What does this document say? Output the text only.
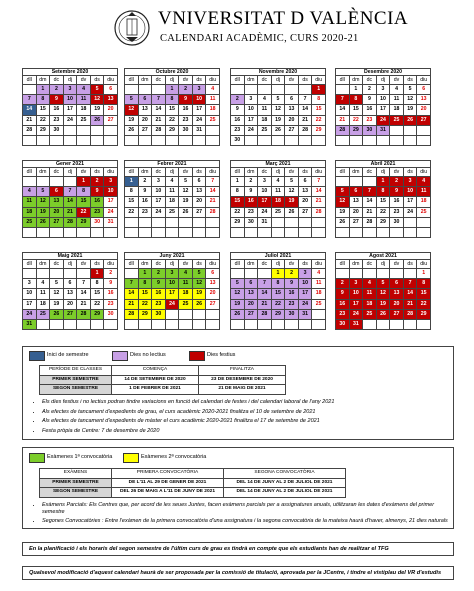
VNIVERSITAT D VALÈNCIA
CALENDARI ACADÈMIC, CURS 2020-21
Setembre 2020
dll	dm	dc	dj	dv	ds	diu
	1	2	3	4	5	6
7	8	9	10	11	12	13
14	15	16	17	18	19	20
21	22	23	24	25	26	27
28	29	30				

Octubre 2020
dll	dm	dc	dj	dv	ds	diu
			1	2	3	4
5	6	7	8	9	10	11
12	13	14	15	16	17	18
19	20	21	22	23	24	25
26	27	28	29	30	31	

Novembre 2020
dll	dm	dc	dj	dv	ds	diu
						1
2	3	4	5	6	7	8
9	10	11	12	13	14	15
16	17	18	19	20	21	22
23	24	25	26	27	28	29
30						
Desembre 2020
dll	dm	dc	dj	dv	ds	diu
	1	2	3	4	5	6
7	8	9	10	11	12	13
14	15	16	17	18	19	20
21	22	23	24	25	26	27
28	29	30	31			

Gener 2021
dll	dm	dc	dj	dv	ds	diu
				1	2	3
4	5	6	7	8	9	10
11	12	13	14	15	16	17
18	19	20	21	22	23	24
25	26	27	28	29	30	31

Febrer 2021
dll	dm	dc	dj	dv	ds	diu
1	2	3	4	5	6	7
8	9	10	11	12	13	14
15	16	17	18	19	20	21
22	23	24	25	26	27	28

Març 2021
dll	dm	dc	dj	dv	ds	diu
1	2	3	4	5	6	7
8	9	10	11	12	13	14
15	16	17	18	19	20	21
22	23	24	25	26	27	28
29	30	31				

Abril 2021
dll	dm	dc	dj	dv	ds	diu
			1	2	3	4
5	6	7	8	9	10	11
12	13	14	15	16	17	18
19	20	21	22	23	24	25
26	27	28	29	30		

Maig 2021
dll	dm	dc	dj	dv	ds	diu
					1	2
3	4	5	6	7	8	9
10	11	12	13	14	15	16
17	18	19	20	21	22	23
24	25	26	27	28	29	30
31						
Juny 2021
dll	dm	dc	dj	dv	ds	diu
	1	2	3	4	5	6
7	8	9	10	11	12	13
14	15	16	17	18	19	20
21	22	23	24	25	26	27
28	29	30				

Juliol 2021
dll	dm	dc	dj	dv	ds	diu
			1	2	3	4
5	6	7	8	9	10	11
12	13	14	15	16	17	18
19	20	21	22	23	24	25
26	27	28	29	30	31	

Agost 2021
dll	dm	dc	dj	dv	ds	diu
						1
2	3	4	5	6	7	8
9	10	11	12	13	14	15
16	17	18	19	20	21	22
23	24	25	26	27	28	29
30	31					
Inici de semestre	Dies no lectius	Dies festius
PERÍODE DE CLASSES	COMENÇA	FINALITZA
PRIMER SEMESTRE	14 DE SETEMBRE DE 2020	23 DE DESEMBRE DE 2020
SEGON SEMESTRE	1 DE FEBRER DE 2021	21 DE MAIG DE 2021
• Els dies festius i no lectius podran tindre variacions en funció del calendari de festes i del calendari laboral de l'any 2021
• Als efectes de tancament d'expedients de grau, el curs acadèmic 2020-2021 finalitza el 10 de setembre de 2021
• Als efectes de tancament d'expedients de màster el curs acadèmic 2020-2021 finalitza el 17 de setembre de 2021
• Festa pròpia de Centre: 7 de desembre de 2020
Exàmenes 1ª convocatòria	Exàmenes 2ª convocatòria
EXÀMENS	PRIMERA CONVOCATÒRIA	SEGONA CONVOCATÒRIA
PRIMER SEMESTRE	DE L'11 AL 29 DE GENER DE 2021	DEL 14 DE JUNY AL 2 DE JULIOL DE 2021
SEGON SEMESTRE	DEL 26 DE MAIG A L'11 DE JUNY DE 2021	DEL 14 DE JUNY AL 2 DE JULIOL DE 2021
• Exàmens Parcials: Els Centres que, per acord de les seues Juntes, facen exàmens parcials per a assignatures anuals, utilitzaran les dates d'exàmens del primer semestre
• Segones Convocatòries : Entre l'exàmen de la primera convocatòria d'una assignatura i la segona convocatòria de la mateixa haurà d'haver, almenys, 21 dies naturals
En la planificació i els horaris del segon semestre de l'últim curs de grau es tindrà en compte que els estudiants han de realitzar el TFG
Qualsevol modificació d'aquest calendari haurà de ser proposada per la comissió de titulació, aprovada per la JCentre, i tindre el vistiplau del VR d'estudis
